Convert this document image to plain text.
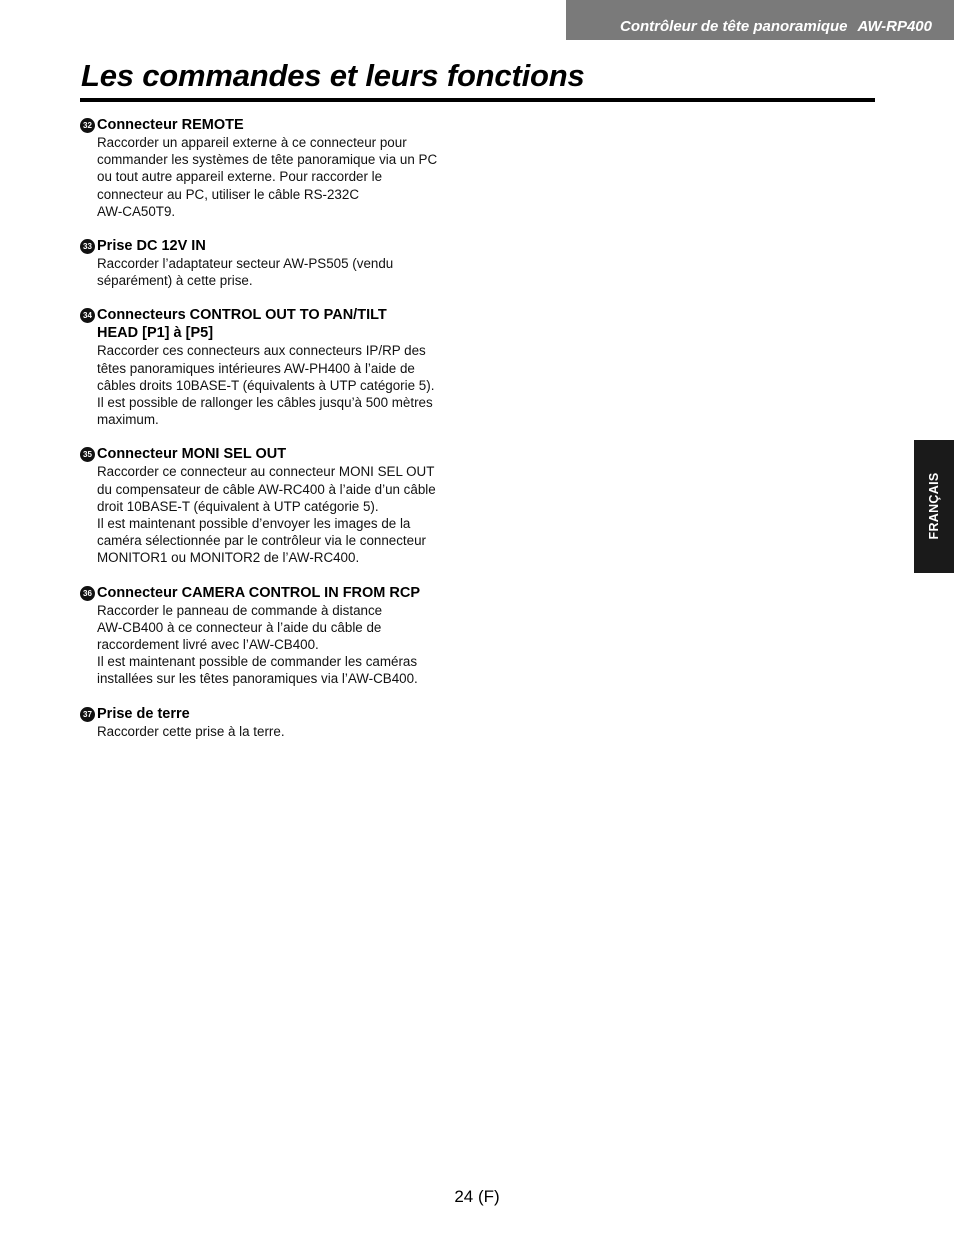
Contrôleur de tête panoramique AW-RP400
Les commandes et leurs fonctions
32 Connecteur REMOTE
Raccorder un appareil externe à ce connecteur pour
commander les systèmes de tête panoramique via un PC
ou tout autre appareil externe. Pour raccorder le
connecteur au PC, utiliser le câble RS-232C
AW-CA50T9.
33 Prise DC 12V IN
Raccorder l’adaptateur secteur AW-PS505 (vendu
séparément) à cette prise.
34 Connecteurs CONTROL OUT TO PAN/TILT
HEAD [P1] à [P5]
Raccorder ces connecteurs aux connecteurs IP/RP des
têtes panoramiques intérieures AW-PH400 à l’aide de
câbles droits 10BASE-T (équivalents à UTP catégorie 5).
Il est possible de rallonger les câbles jusqu’à 500 mètres
maximum.
35 Connecteur MONI SEL OUT
Raccorder ce connecteur au connecteur MONI SEL OUT
du compensateur de câble AW-RC400 à l’aide d’un câble
droit 10BASE-T (équivalent à UTP catégorie 5).
Il est maintenant possible d’envoyer les images de la
caméra sélectionnée par le contrôleur via le connecteur
MONITOR1 ou MONITOR2 de l’AW-RC400.
36 Connecteur CAMERA CONTROL IN FROM RCP
Raccorder le panneau de commande à distance
AW-CB400 à ce connecteur à l’aide du câble de
raccordement livré avec l’AW-CB400.
Il est maintenant possible de commander les caméras
installées sur les têtes panoramiques via l’AW-CB400.
37 Prise de terre
Raccorder cette prise à la terre.
FRANÇAIS
24 (F)
